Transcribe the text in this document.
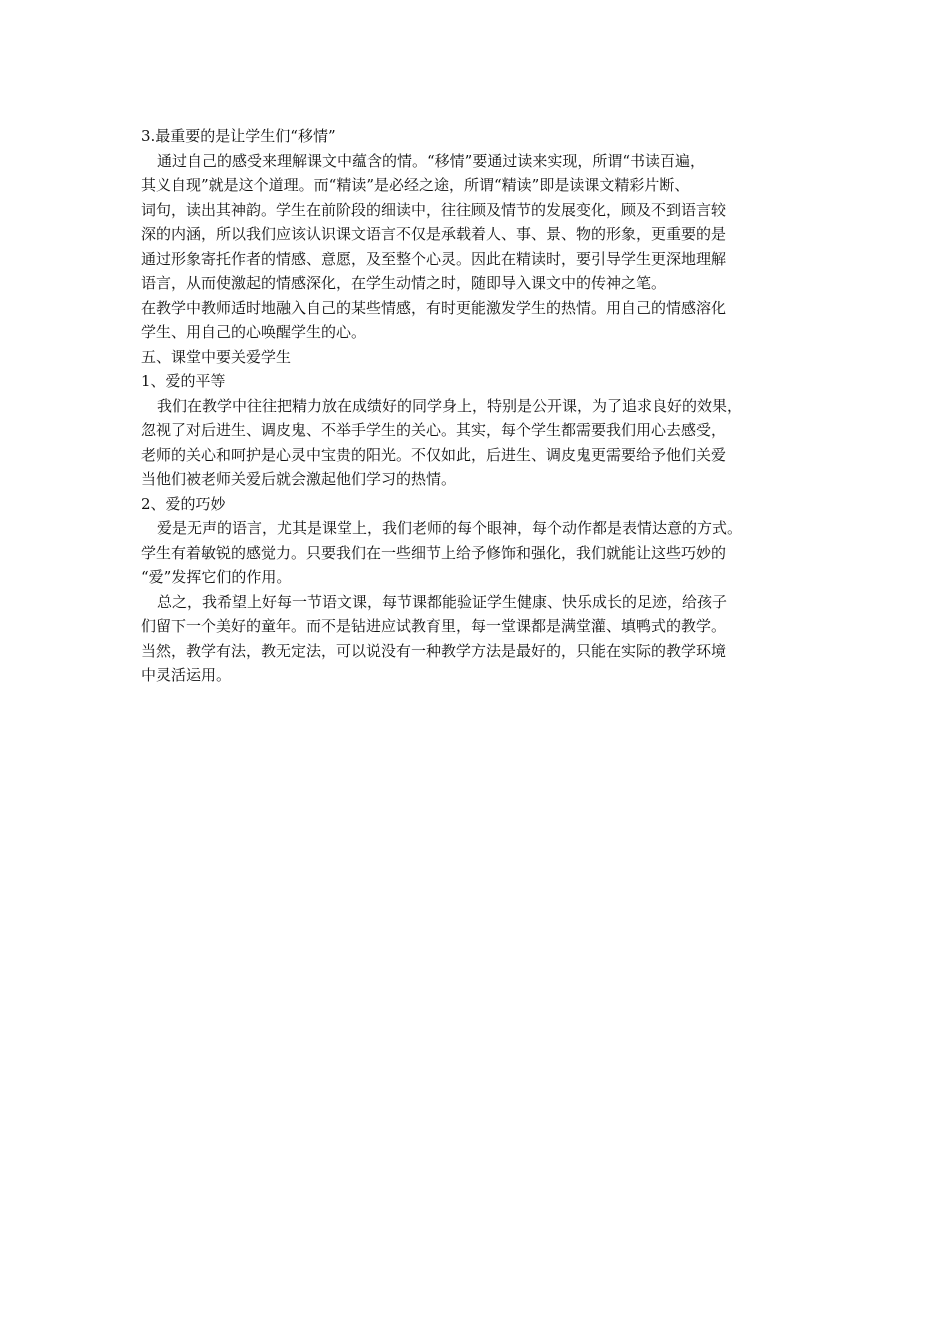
3.最重要的是让学生们“移情”
通过自己的感受来理解课文中蕴含的情。“移情”要通过读来实现，所谓“书读百遍，
其义自现”就是这个道理。而“精读”是必经之途，所谓“精读”即是读课文精彩片断、
词句，读出其神韵。学生在前阶段的细读中，往往顾及情节的发展变化，顾及不到语言较
深的内涵，所以我们应该认识课文语言不仅是承载着人、事、景、物的形象，更重要的是
通过形象寄托作者的情感、意愿，及至整个心灵。因此在精读时，要引导学生更深地理解
语言，从而使激起的情感深化，在学生动情之时，随即导入课文中的传神之笔。
在教学中教师适时地融入自己的某些情感，有时更能激发学生的热情。用自己的情感溶化
学生、用自己的心唤醒学生的心。
五、课堂中要关爱学生
1、爱的平等
我们在教学中往往把精力放在成绩好的同学身上，特别是公开课，为了追求良好的效果，
忽视了对后进生、调皮鬼、不举手学生的关心。其实，每个学生都需要我们用心去感受，
老师的关心和呵护是心灵中宝贵的阳光。不仅如此，后进生、调皮鬼更需要给予他们关爱
当他们被老师关爱后就会激起他们学习的热情。
2、爱的巧妙
爱是无声的语言，尤其是课堂上，我们老师的每个眼神，每个动作都是表情达意的方式。
学生有着敏锐的感觉力。只要我们在一些细节上给予修饰和强化，我们就能让这些巧妙的
“爱”发挥它们的作用。
总之，我希望上好每一节语文课，每节课都能验证学生健康、快乐成长的足迹，给孩子
们留下一个美好的童年。而不是钻进应试教育里，每一堂课都是满堂灌、填鸭式的教学。
当然，教学有法，教无定法，可以说没有一种教学方法是最好的，只能在实际的教学环境
中灵活运用。
